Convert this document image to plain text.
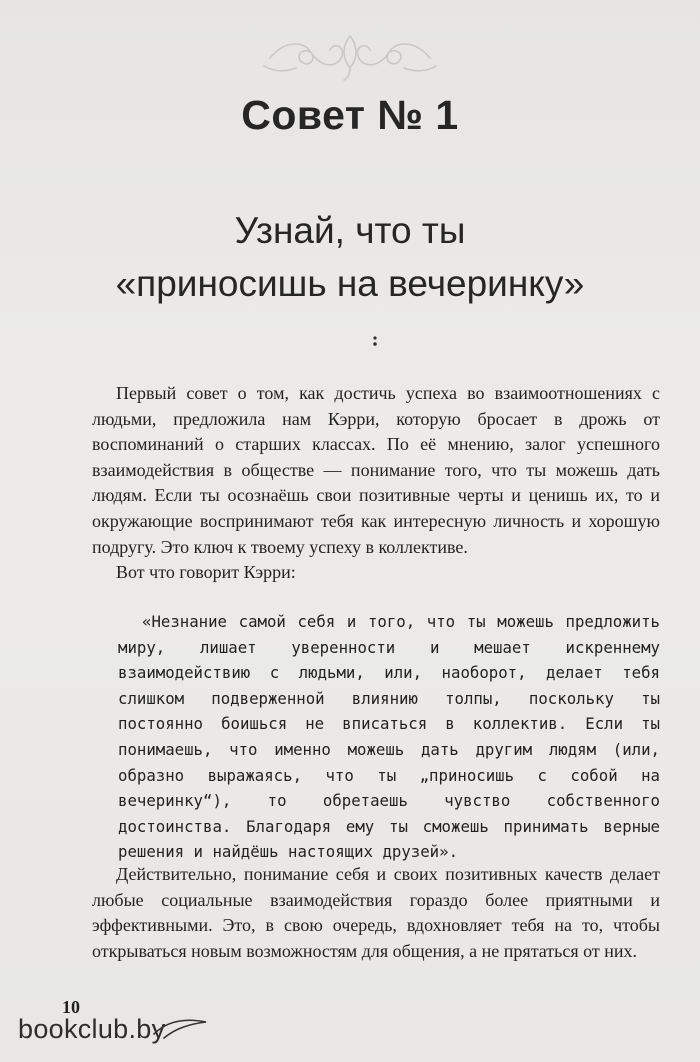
Совет № 1
Узнай, что ты
«приносишь на вечеринку»

Первый совет о том, как достичь успеха во взаимоотношениях с людьми, предложила нам Кэрри, которую бросает в дрожь от воспоминаний о старших классах. По её мнению, залог успешного взаимодействия в обществе — понимание того, что ты можешь дать людям. Если ты осознаёшь свои позитивные черты и ценишь их, то и окружающие воспринимают тебя как интересную личность и хорошую подругу. Это ключ к твоему успеху в коллективе.

Вот что говорит Кэрри:

«Незнание самой себя и того, что ты можешь предложить миру, лишает уверенности и мешает искреннему взаимодействию с людьми, или, наоборот, делает тебя слишком подверженной влиянию толпы, поскольку ты постоянно боишься не вписаться в коллектив. Если ты понимаешь, что именно можешь дать другим людям (или, образно выражаясь, что ты „приносишь с собой на вечеринку“), то обретаешь чувство собственного достоинства. Благодаря ему ты сможешь принимать верные решения и найдёшь настоящих друзей».

Действительно, понимание себя и своих позитивных качеств делает любые социальные взаимодействия гораздо более приятными и эффективными. Это, в свою очередь, вдохновляет тебя на то, чтобы открываться новым возможностям для общения, а не прятаться от них.

10
bookclub.by
